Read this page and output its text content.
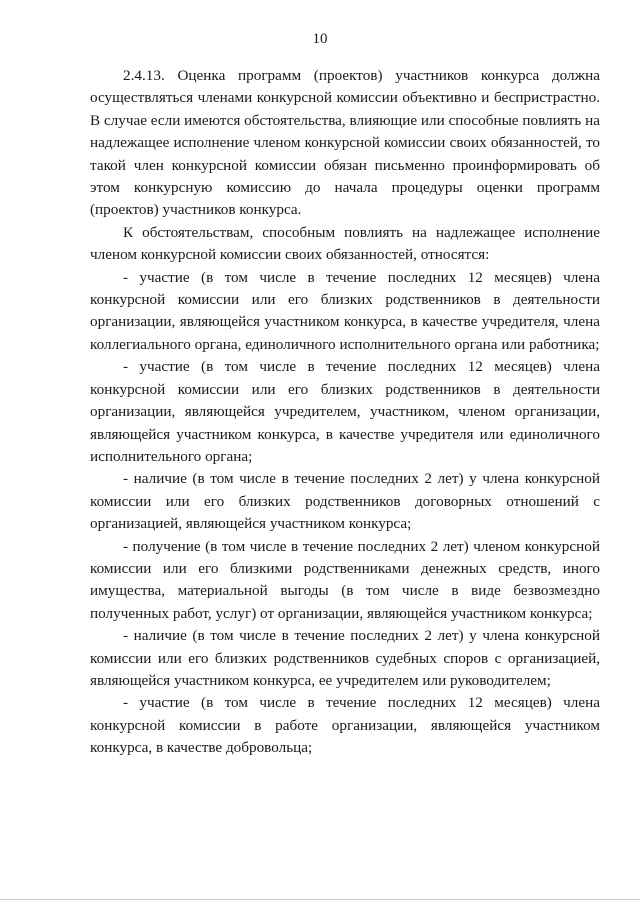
10

2.4.13. Оценка программ (проектов) участников конкурса должна осуществляться членами конкурсной комиссии объективно и беспристрастно. В случае если имеются обстоятельства, влияющие или способные повлиять на надлежащее исполнение членом конкурсной комиссии своих обязанностей, то такой член конкурсной комиссии обязан письменно проинформировать об этом конкурсную комиссию до начала процедуры оценки программ (проектов) участников конкурса.

К обстоятельствам, способным повлиять на надлежащее исполнение членом конкурсной комиссии своих обязанностей, относятся:

- участие (в том числе в течение последних 12 месяцев) члена конкурсной комиссии или его близких родственников в деятельности организации, являющейся участником конкурса, в качестве учредителя, члена коллегиального органа, единоличного исполнительного органа или работника;

- участие (в том числе в течение последних 12 месяцев) члена конкурсной комиссии или его близких родственников в деятельности организации, являющейся учредителем, участником, членом организации, являющейся участником конкурса, в качестве учредителя или единоличного исполнительного органа;

- наличие (в том числе в течение последних 2 лет) у члена конкурсной комиссии или его близких родственников договорных отношений с организацией, являющейся участником конкурса;

- получение (в том числе в течение последних 2 лет) членом конкурсной комиссии или его близкими родственниками денежных средств, иного имущества, материальной выгоды (в том числе в виде безвозмездно полученных работ, услуг) от организации, являющейся участником конкурса;

- наличие (в том числе в течение последних 2 лет) у члена конкурсной комиссии или его близких родственников судебных споров с организацией, являющейся участником конкурса, ее учредителем или руководителем;

- участие (в том числе в течение последних 12 месяцев) члена конкурсной комиссии в работе организации, являющейся участником конкурса, в качестве добровольца;
